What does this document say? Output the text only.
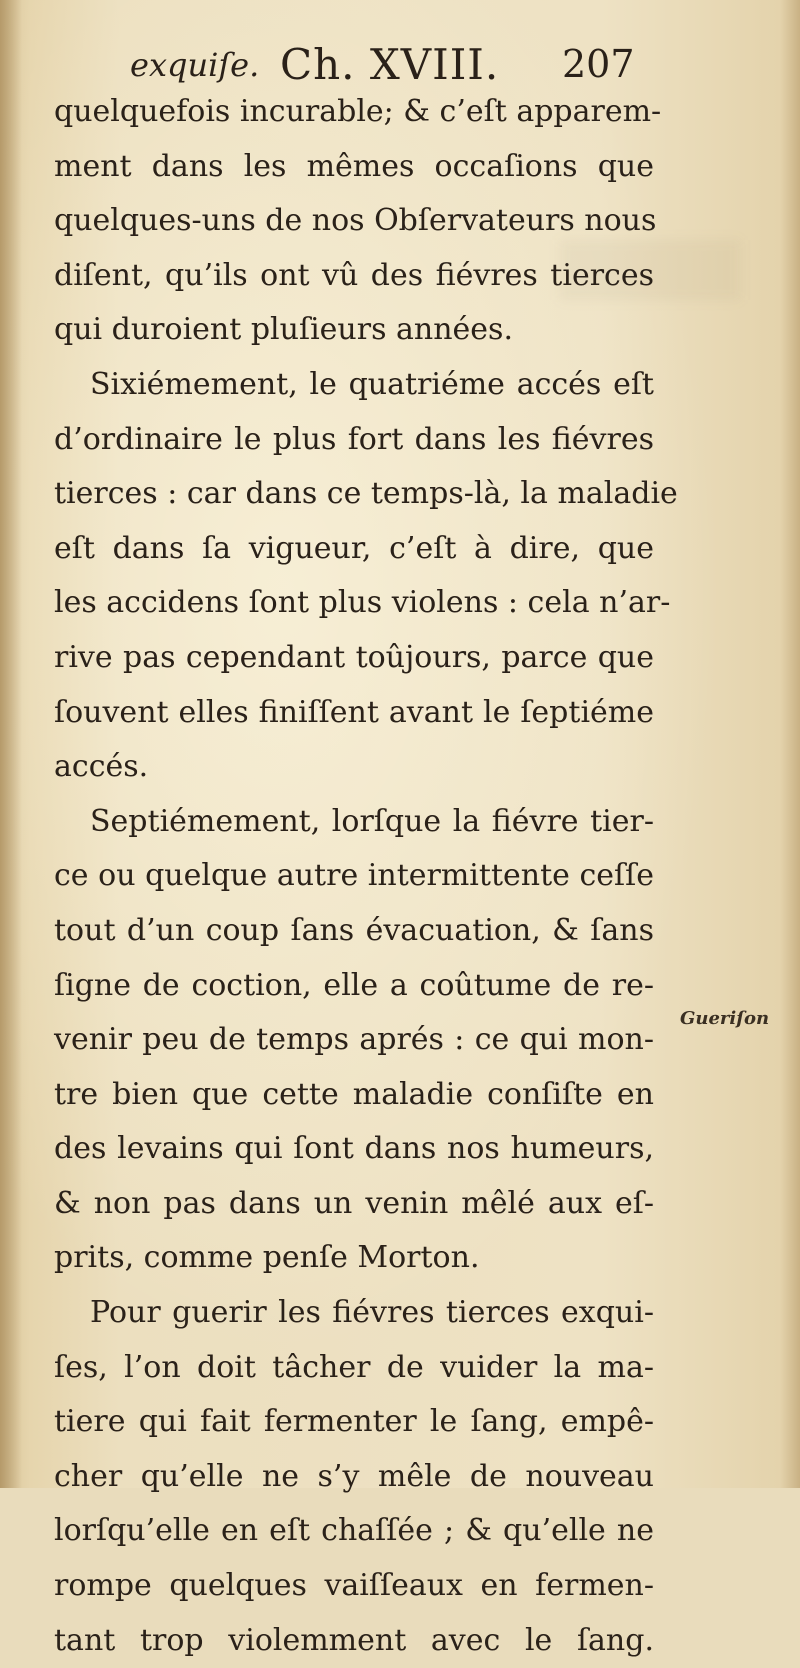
exquiſe. Ch. XVIII. 207
quelquefois incurable; & c’eſt apparem-
ment dans les mêmes occaſions que
quelques-uns de nos Obſervateurs nous
diſent, qu’ils ont vû des fiévres tierces
qui duroient pluſieurs années.
Sixiémement, le quatriéme accés eſt
d’ordinaire le plus fort dans les fiévres
tierces : car dans ce temps-là, la maladie
eſt dans ſa vigueur, c’eſt à dire, que
les accidens ſont plus violens : cela n’ar-
rive pas cependant toûjours, parce que
ſouvent elles finiſſent avant le ſeptiéme
accés.
Septiémement, lorſque la fiévre tier-
ce ou quelque autre intermittente ceſſe
tout d’un coup ſans évacuation, & ſans
ſigne de coction, elle a coûtume de re-
venir peu de temps aprés : ce qui mon-
tre bien que cette maladie conſiſte en
des levains qui ſont dans nos humeurs,
& non pas dans un venin mêlé aux eſ-
prits, comme penſe Morton.
Pour guerir les fiévres tierces exqui-
ſes, l’on doit tâcher de vuider la ma-
tiere qui fait fermenter le ſang, empê-
cher qu’elle ne s’y mêle de nouveau
lorſqu’elle en eſt chaſſée ; & qu’elle ne
rompe quelques vaiſſeaux en fermen-
tant trop violemment avec le ſang.
Gueriſon
